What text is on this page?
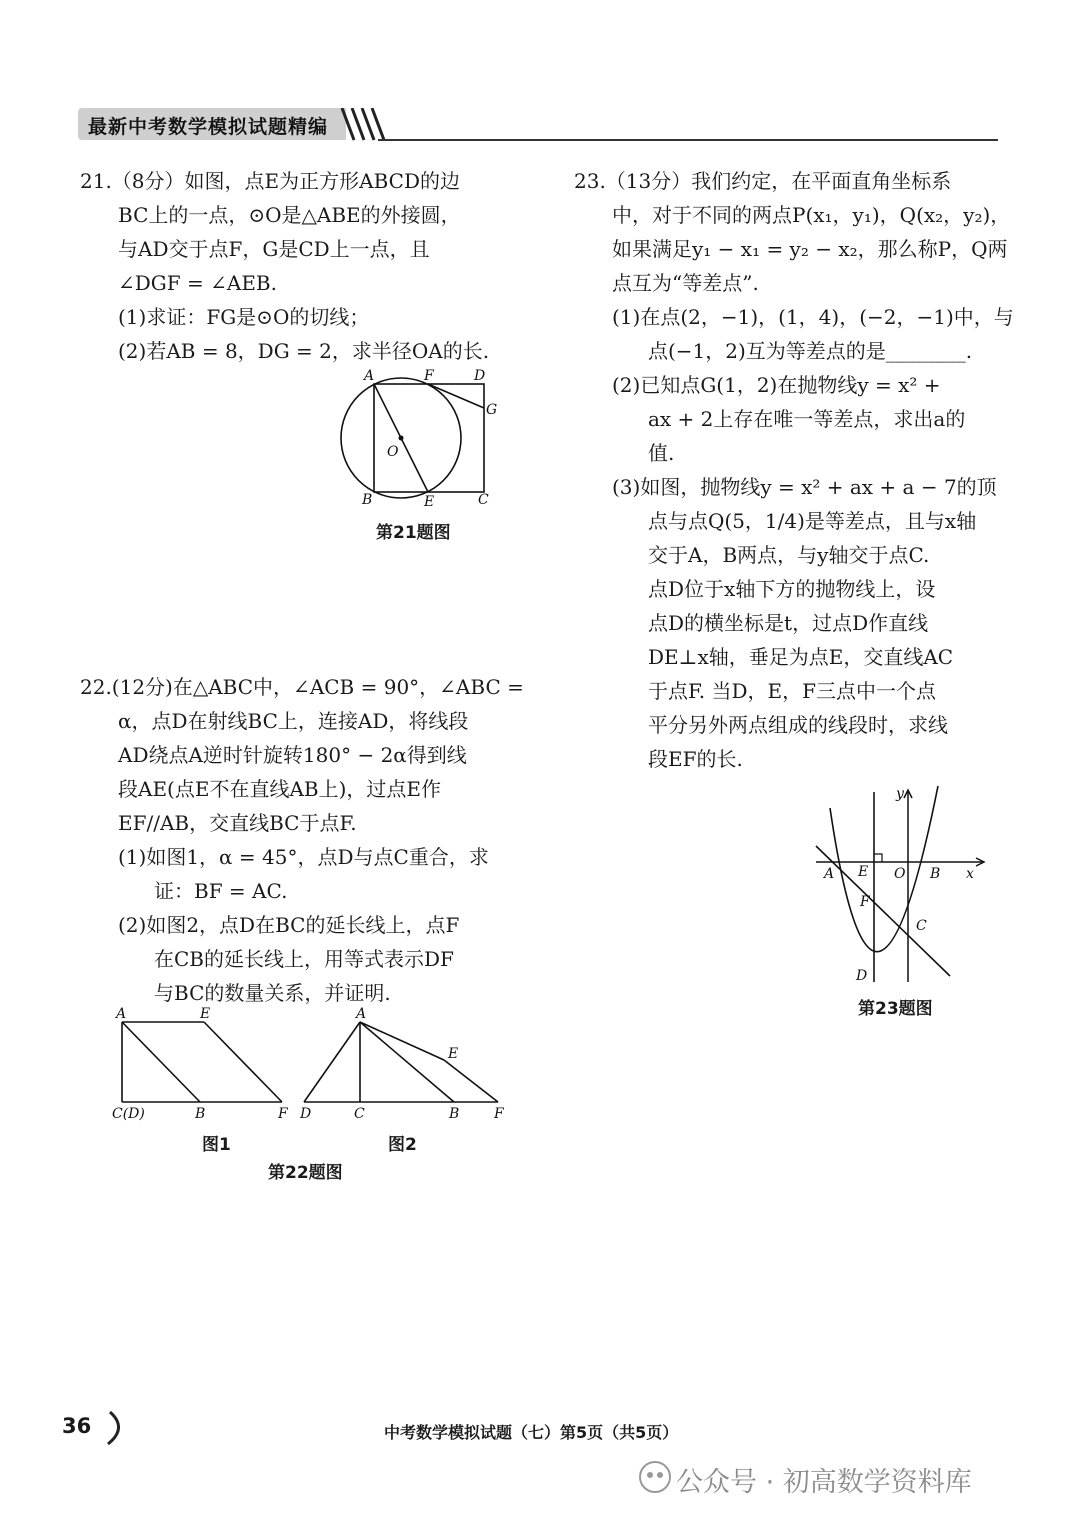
最新中考数学模拟试题精编
21.（8分）如图，点E为正方形ABCD的边
BC上的一点，⊙O是△ABE的外接圆，
与AD交于点F，G是CD上一点，且
∠DGF = ∠AEB.
(1)求证：FG是⊙O的切线；
(2)若AB = 8，DG = 2，求半径OA的长.
A	F	D
G
O
B	E	C
第21题图
22.(12分)在△ABC中，∠ACB = 90°，∠ABC =
α，点D在射线BC上，连接AD，将线段
AD绕点A逆时针旋转180° − 2α得到线
段AE(点E不在直线AB上)，过点E作
EF//AB，交直线BC于点F.
(1)如图1，α = 45°，点D与点C重合，求
证：BF = AC.
(2)如图2，点D在BC的延长线上，点F
在CB的延长线上，用等式表示DF
与BC的数量关系，并证明.
A	E
C(D)	B	F
图1
A
E
D	C	B F
图2
第22题图
23.（13分）我们约定，在平面直角坐标系
中，对于不同的两点P(x₁，y₁)，Q(x₂，y₂)，
如果满足y₁ − x₁ = y₂ − x₂，那么称P，Q两
点互为“等差点”.
(1)在点(2，−1)，(1，4)，(−2，−1)中，与
点(−1，2)互为等差点的是________.
(2)已知点G(1，2)在抛物线y = x² +
ax + 2上存在唯一等差点，求出a的
值.
(3)如图，抛物线y = x² + ax + a − 7的顶
点与点Q(5，1/4)是等差点，且与x轴
交于A，B两点，与y轴交于点C.
点D位于x轴下方的抛物线上，设
点D的横坐标是t，过点D作直线
DE⊥x轴，垂足为点E，交直线AC
于点F. 当D，E，F三点中一个点
平分另外两点组成的线段时，求线
段EF的长.
y
A E O B x
F
C
D
第23题图
36	中考数学模拟试题（七）第5页（共5页）
公众号 · 初高数学资料库
